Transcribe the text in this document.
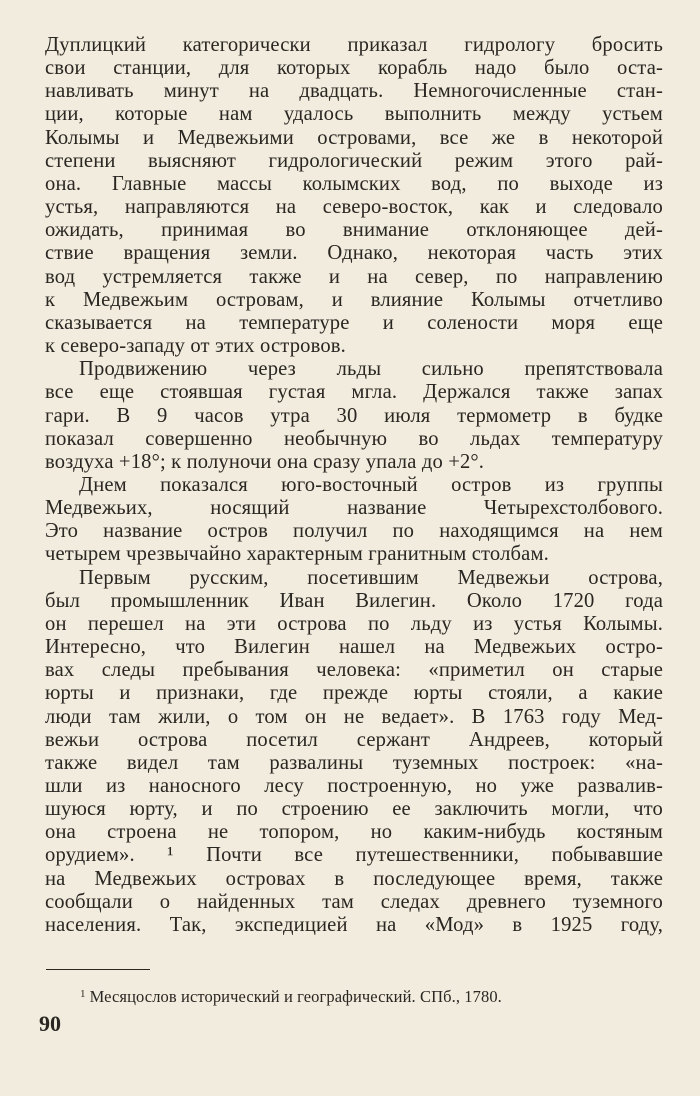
Дуплицкий категорически приказал гидрологу бросить
свои станции, для которых корабль надо было оста-
навливать минут на двадцать. Немногочисленные стан-
ции, которые нам удалось выполнить между устьем
Колымы и Медвежьими островами, все же в некоторой
степени выясняют гидрологический режим этого рай-
она. Главные массы колымских вод, по выходе из
устья, направляются на северо-восток, как и следовало
ожидать, принимая во внимание отклоняющее дей-
ствие вращения земли. Однако, некоторая часть этих
вод устремляется также и на север, по направлению
к Медвежьим островам, и влияние Колымы отчетливо
сказывается на температуре и солености моря еще
к северо-западу от этих островов.
Продвижению через льды сильно препятствовала
все еще стоявшая густая мгла. Держался также запах
гари. В 9 часов утра 30 июля термометр в будке
показал совершенно необычную во льдах температуру
воздуха +18°; к полуночи она сразу упала до +2°.
Днем показался юго-восточный остров из группы
Медвежьих, носящий название Четырехстолбового.
Это название остров получил по находящимся на нем
четырем чрезвычайно характерным гранитным столбам.
Первым русским, посетившим Медвежьи острова,
был промышленник Иван Вилегин. Около 1720 года
он перешел на эти острова по льду из устья Колымы.
Интересно, что Вилегин нашел на Медвежьих остро-
вах следы пребывания человека: «приметил он старые
юрты и признаки, где прежде юрты стояли, а какие
люди там жили, о том он не ведает». В 1763 году Мед-
вежьи острова посетил сержант Андреев, который
также видел там развалины туземных построек: «на-
шли из наносного лесу построенную, но уже развалив-
шуюся юрту, и по строению ее заключить могли, что
она строена не топором, но каким-нибудь костяным
орудием». ¹ Почти все путешественники, побывавшие
на Медвежьих островах в последующее время, также
сообщали о найденных там следах древнего туземного
населения. Так, экспедицией на «Мод» в 1925 году,
$^1$ Месяцослов исторический и географический. СПб., 1780.
90
